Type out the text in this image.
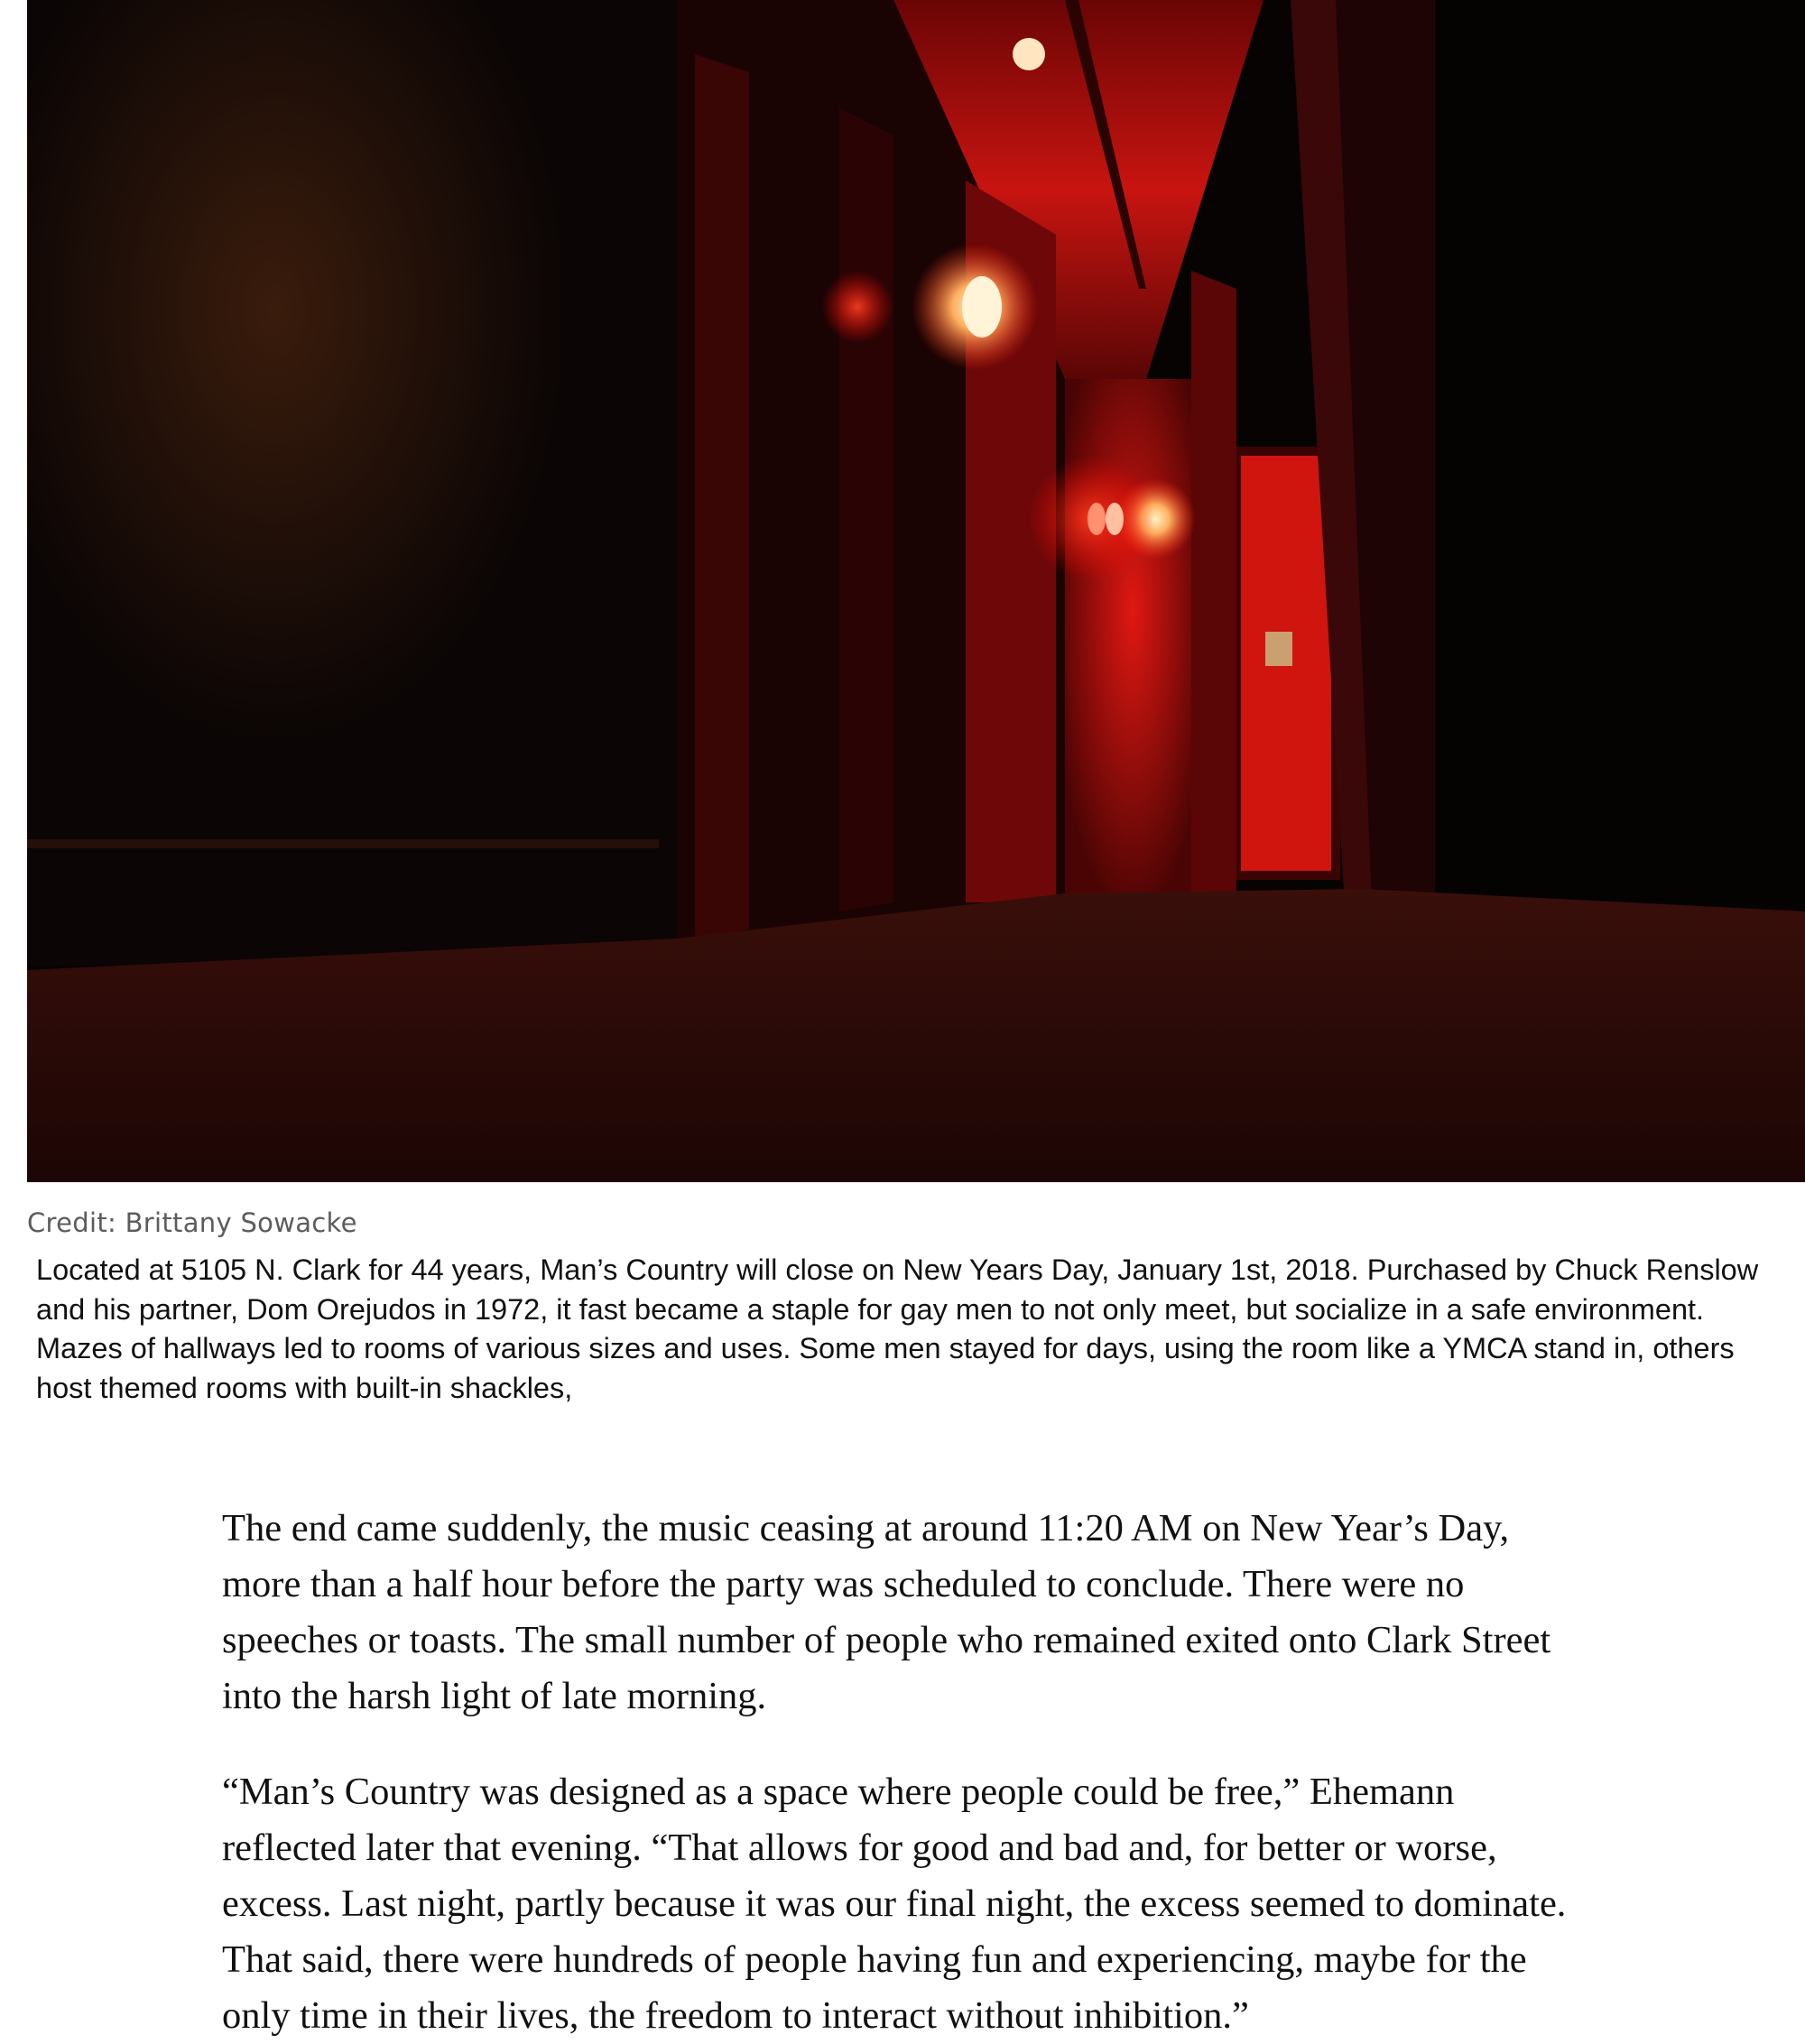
Credit: Brittany Sowacke
Located at 5105 N. Clark for 44 years, Man’s Country will close on New Years Day, January 1st, 2018. Purchased by Chuck Renslow and his partner, Dom Orejudos in 1972, it fast became a staple for gay men to not only meet, but socialize in a safe environment. Mazes of hallways led to rooms of various sizes and uses. Some men stayed for days, using the room like a YMCA stand in, others host themed rooms with built-in shackles,

The end came suddenly, the music ceasing at around 11:20 AM on New Year’s Day, more than a half hour before the party was scheduled to conclude. There were no speeches or toasts. The small number of people who remained exited onto Clark Street into the harsh light of late morning.

“Man’s Country was designed as a space where people could be free,” Ehemann reflected later that evening. “That allows for good and bad and, for better or worse, excess. Last night, partly because it was our final night, the excess seemed to dominate. That said, there were hundreds of people having fun and experiencing, maybe for the only time in their lives, the freedom to interact without inhibition.”
